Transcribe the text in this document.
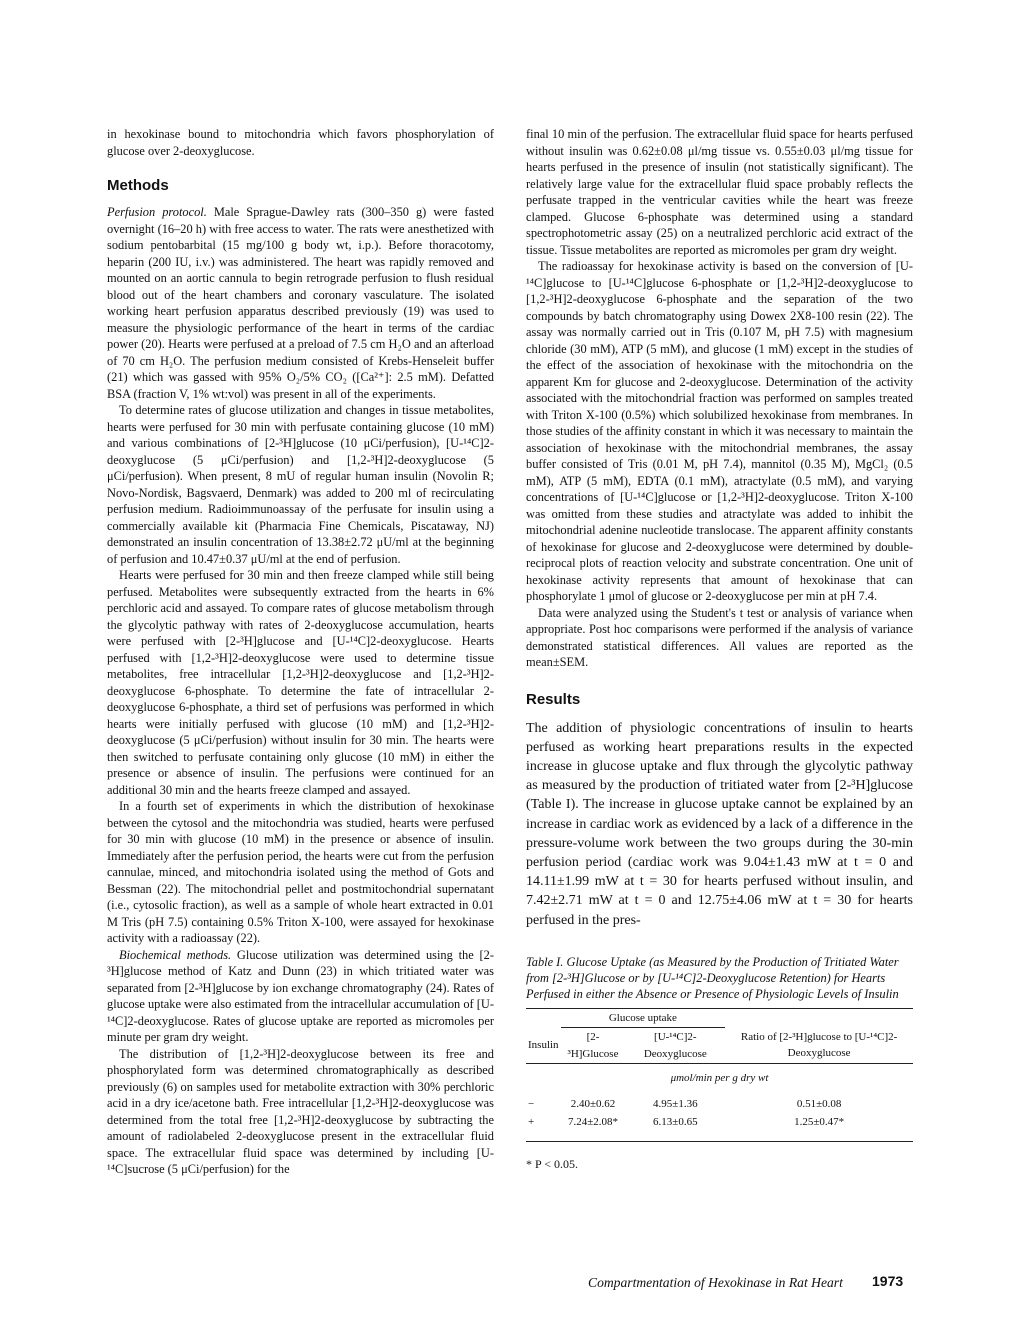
in hexokinase bound to mitochondria which favors phosphorylation of glucose over 2-deoxyglucose.

Methods

Perfusion protocol. Male Sprague-Dawley rats (300–350 g) were fasted overnight (16–20 h) with free access to water. The rats were anesthetized with sodium pentobarbital (15 mg/100 g body wt, i.p.). Before thoracotomy, heparin (200 IU, i.v.) was administered. The heart was rapidly removed and mounted on an aortic cannula to begin retrograde perfusion to flush residual blood out of the heart chambers and coronary vasculature. The isolated working heart perfusion apparatus described previously (19) was used to measure the physiologic performance of the heart in terms of the cardiac power (20). Hearts were perfused at a preload of 7.5 cm H₂O and an afterload of 70 cm H₂O. The perfusion medium consisted of Krebs-Henseleit buffer (21) which was gassed with 95% O₂/5% CO₂ ([Ca²⁺]: 2.5 mM). Defatted BSA (fraction V, 1% wt:vol) was present in all of the experiments.

To determine rates of glucose utilization and changes in tissue metabolites, hearts were perfused for 30 min with perfusate containing glucose (10 mM) and various combinations of [2-³H]glucose (10 μCi/perfusion), [U-¹⁴C]2-deoxyglucose (5 μCi/perfusion) and [1,2-³H]2-deoxyglucose (5 μCi/perfusion). When present, 8 mU of regular human insulin (Novolin R; Novo-Nordisk, Bagsvaerd, Denmark) was added to 200 ml of recirculating perfusion medium. Radioimmunoassay of the perfusate for insulin using a commercially available kit (Pharmacia Fine Chemicals, Piscataway, NJ) demonstrated an insulin concentration of 13.38±2.72 μU/ml at the beginning of perfusion and 10.47±0.37 μU/ml at the end of perfusion.

Hearts were perfused for 30 min and then freeze clamped while still being perfused. Metabolites were subsequently extracted from the hearts in 6% perchloric acid and assayed. To compare rates of glucose metabolism through the glycolytic pathway with rates of 2-deoxyglucose accumulation, hearts were perfused with [2-³H]glucose and [U-¹⁴C]2-deoxyglucose. Hearts perfused with [1,2-³H]2-deoxyglucose were used to determine tissue metabolites, free intracellular [1,2-³H]2-deoxyglucose and [1,2-³H]2-deoxyglucose 6-phosphate. To determine the fate of intracellular 2-deoxyglucose 6-phosphate, a third set of perfusions was performed in which hearts were initially perfused with glucose (10 mM) and [1,2-³H]2-deoxyglucose (5 μCi/perfusion) without insulin for 30 min. The hearts were then switched to perfusate containing only glucose (10 mM) in either the presence or absence of insulin. The perfusions were continued for an additional 30 min and the hearts freeze clamped and assayed.

In a fourth set of experiments in which the distribution of hexokinase between the cytosol and the mitochondria was studied, hearts were perfused for 30 min with glucose (10 mM) in the presence or absence of insulin. Immediately after the perfusion period, the hearts were cut from the perfusion cannulae, minced, and mitochondria isolated using the method of Gots and Bessman (22). The mitochondrial pellet and postmitochondrial supernatant (i.e., cytosolic fraction), as well as a sample of whole heart extracted in 0.01 M Tris (pH 7.5) containing 0.5% Triton X-100, were assayed for hexokinase activity with a radioassay (22).

Biochemical methods. Glucose utilization was determined using the [2-³H]glucose method of Katz and Dunn (23) in which tritiated water was separated from [2-³H]glucose by ion exchange chromatography (24). Rates of glucose uptake were also estimated from the intracellular accumulation of [U-¹⁴C]2-deoxyglucose. Rates of glucose uptake are reported as micromoles per minute per gram dry weight.

The distribution of [1,2-³H]2-deoxyglucose between its free and phosphorylated form was determined chromatographically as described previously (6) on samples used for metabolite extraction with 30% perchloric acid in a dry ice/acetone bath. Free intracellular [1,2-³H]2-deoxyglucose was determined from the total free [1,2-³H]2-deoxyglucose by subtracting the amount of radiolabeled 2-deoxyglucose present in the extracellular fluid space. The extracellular fluid space was determined by including [U-¹⁴C]sucrose (5 μCi/perfusion) for the

final 10 min of the perfusion. The extracellular fluid space for hearts perfused without insulin was 0.62±0.08 μl/mg tissue vs. 0.55±0.03 μl/mg tissue for hearts perfused in the presence of insulin (not statistically significant). The relatively large value for the extracellular fluid space probably reflects the perfusate trapped in the ventricular cavities while the heart was freeze clamped. Glucose 6-phosphate was determined using a standard spectrophotometric assay (25) on a neutralized perchloric acid extract of the tissue. Tissue metabolites are reported as micromoles per gram dry weight.

The radioassay for hexokinase activity is based on the conversion of [U-¹⁴C]glucose to [U-¹⁴C]glucose 6-phosphate or [1,2-³H]2-deoxyglucose to [1,2-³H]2-deoxyglucose 6-phosphate and the separation of the two compounds by batch chromatography using Dowex 2X8-100 resin (22). The assay was normally carried out in Tris (0.107 M, pH 7.5) with magnesium chloride (30 mM), ATP (5 mM), and glucose (1 mM) except in the studies of the effect of the association of hexokinase with the mitochondria on the apparent Km for glucose and 2-deoxyglucose. Determination of the activity associated with the mitochondrial fraction was performed on samples treated with Triton X-100 (0.5%) which solubilized hexokinase from membranes. In those studies of the affinity constant in which it was necessary to maintain the association of hexokinase with the mitochondrial membranes, the assay buffer consisted of Tris (0.01 M, pH 7.4), mannitol (0.35 M), MgCl₂ (0.5 mM), ATP (5 mM), EDTA (0.1 mM), atractylate (0.5 mM), and varying concentrations of [U-¹⁴C]glucose or [1,2-³H]2-deoxyglucose. Triton X-100 was omitted from these studies and atractylate was added to inhibit the mitochondrial adenine nucleotide translocase. The apparent affinity constants of hexokinase for glucose and 2-deoxyglucose were determined by double-reciprocal plots of reaction velocity and substrate concentration. One unit of hexokinase activity represents that amount of hexokinase that can phosphorylate 1 μmol of glucose or 2-deoxyglucose per min at pH 7.4.

Data were analyzed using the Student's t test or analysis of variance when appropriate. Post hoc comparisons were performed if the analysis of variance demonstrated statistical differences. All values are reported as the mean±SEM.

Results

The addition of physiologic concentrations of insulin to hearts perfused as working heart preparations results in the expected increase in glucose uptake and flux through the glycolytic pathway as measured by the production of tritiated water from [2-³H]glucose (Table I). The increase in glucose uptake cannot be explained by an increase in cardiac work as evidenced by a lack of a difference in the pressure-volume work between the two groups during the 30-min perfusion period (cardiac work was 9.04±1.43 mW at t = 0 and 14.11±1.99 mW at t = 30 for hearts perfused without insulin, and 7.42±2.71 mW at t = 0 and 12.75±4.06 mW at t = 30 for hearts perfused in the pres-

Table I. Glucose Uptake (as Measured by the Production of Tritiated Water from [2-³H]Glucose or by [U-¹⁴C]2-Deoxyglucose Retention) for Hearts Perfused in either the Absence or Presence of Physiologic Levels of Insulin

	Glucose uptake		
Insulin	[2-³H]Glucose	[U-¹⁴C]2-Deoxyglucose	Ratio of [2-³H]glucose to [U-¹⁴C]2-Deoxyglucose
μmol/min per g dry wt			
−	2.40±0.62	4.95±1.36	0.51±0.08
+	7.24±2.08*	6.13±0.65	1.25±0.47*
* P < 0.05.
Compartmentation of Hexokinase in Rat Heart 1973
